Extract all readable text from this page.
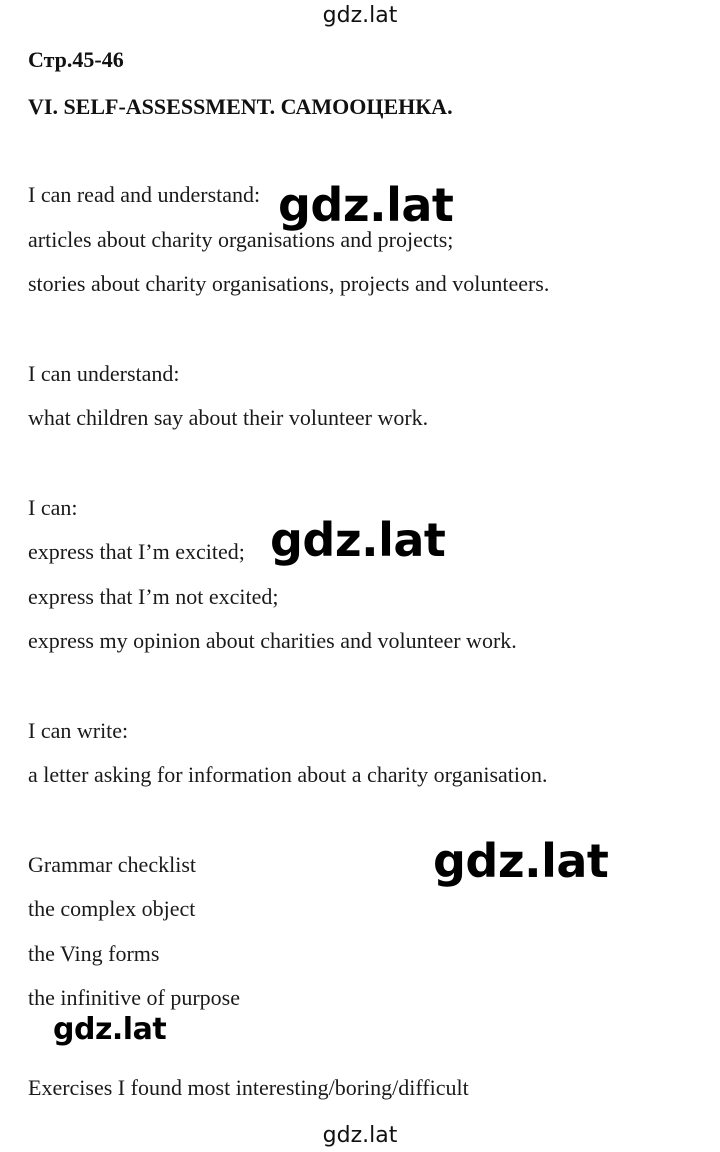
gdz.lat
Стр.45-46
VI. SELF-ASSESSMENT. САМООЦЕНКА.
I can read and understand:
articles about charity organisations and projects;
stories about charity organisations, projects and volunteers.
I can understand:
what children say about their volunteer work.
I can:
express that I’m excited;
express that I’m not excited;
express my opinion about charities and volunteer work.
I can write:
a letter asking for information about a charity organisation.
Grammar checklist
the complex object
the Ving forms
the infinitive of purpose
Exercises I found most interesting/boring/difficult
gdz.lat
gdz.lat
gdz.lat
gdz.lat
gdz.lat
